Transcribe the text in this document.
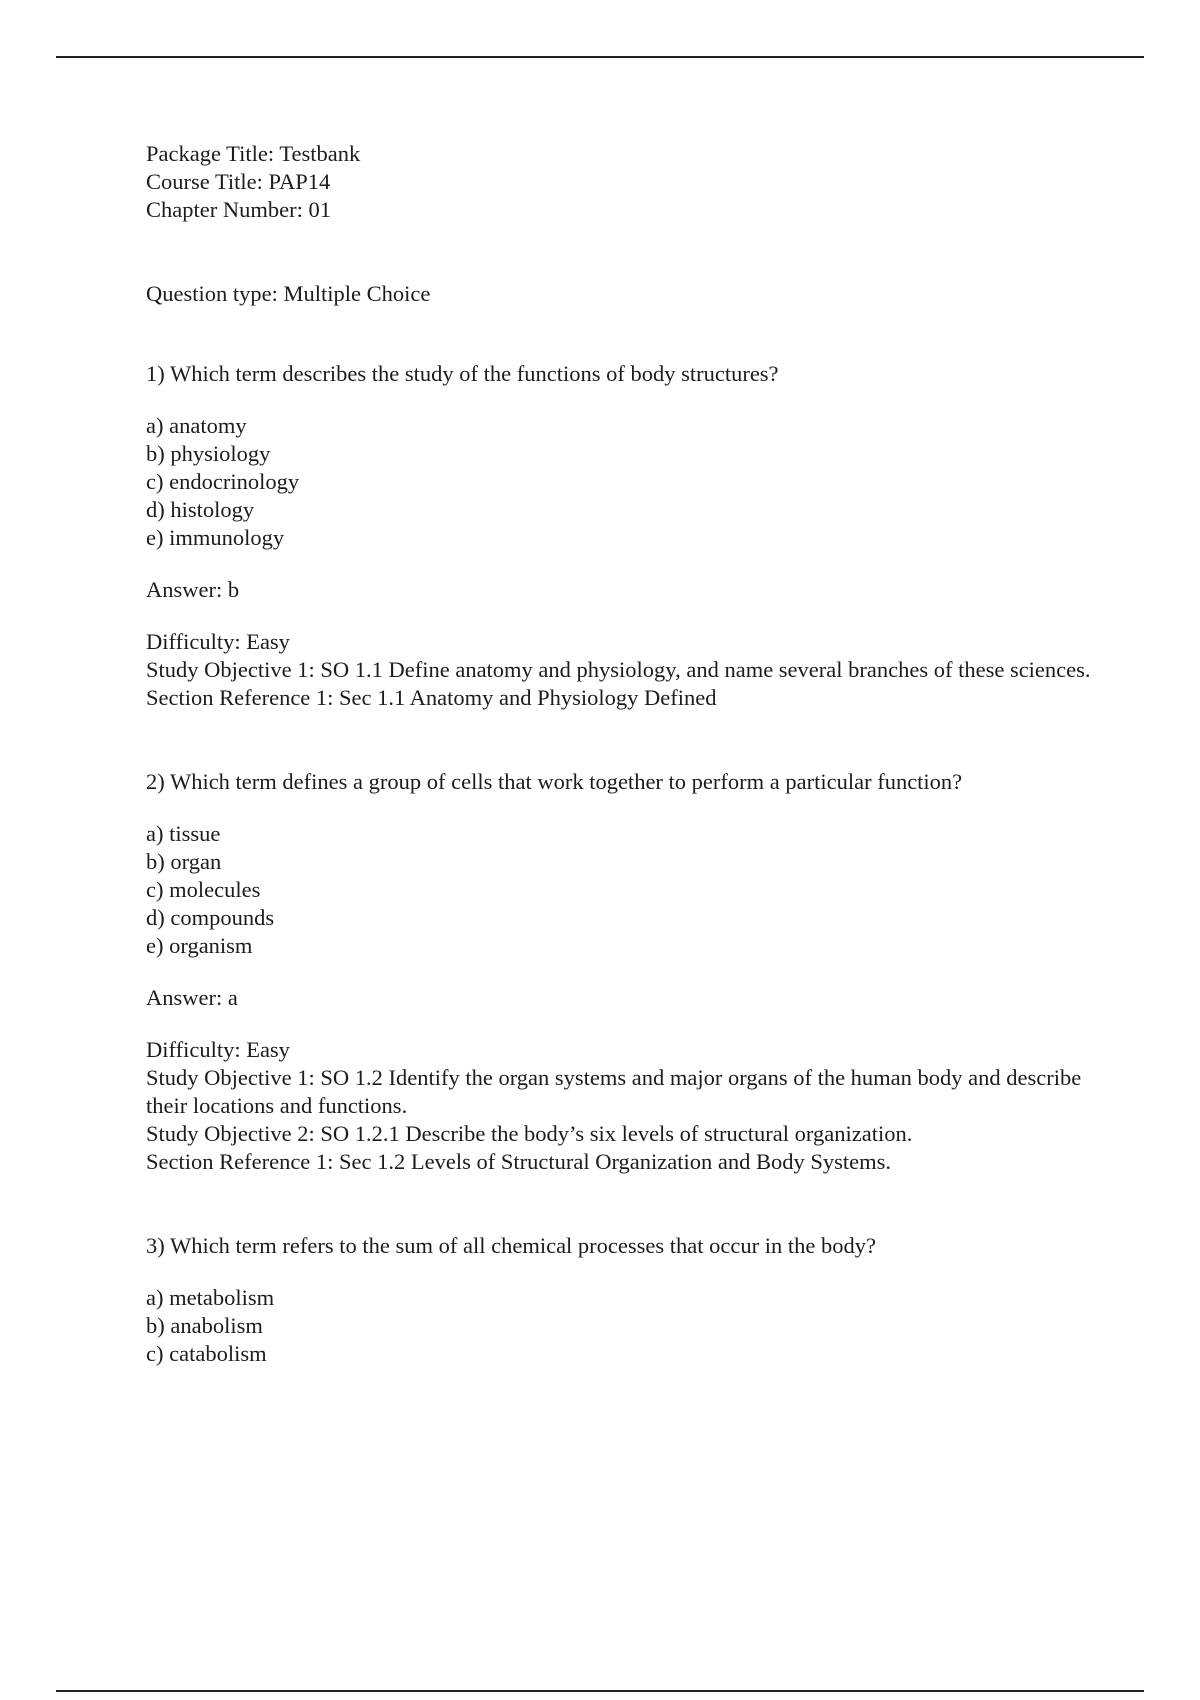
Package Title: Testbank
Course Title: PAP14
Chapter Number: 01
Question type: Multiple Choice
1) Which term describes the study of the functions of body structures?
a) anatomy
b) physiology
c) endocrinology
d) histology
e) immunology
Answer: b
Difficulty: Easy
Study Objective 1: SO 1.1 Define anatomy and physiology, and name several branches of these sciences.
Section Reference 1: Sec 1.1 Anatomy and Physiology Defined
2) Which term defines a group of cells that work together to perform a particular function?
a) tissue
b) organ
c) molecules
d) compounds
e) organism
Answer: a
Difficulty: Easy
Study Objective 1: SO 1.2 Identify the organ systems and major organs of the human body and describe their locations and functions.
Study Objective 2: SO 1.2.1 Describe the body’s six levels of structural organization.
Section Reference 1: Sec 1.2 Levels of Structural Organization and Body Systems.
3) Which term refers to the sum of all chemical processes that occur in the body?
a) metabolism
b) anabolism
c) catabolism
